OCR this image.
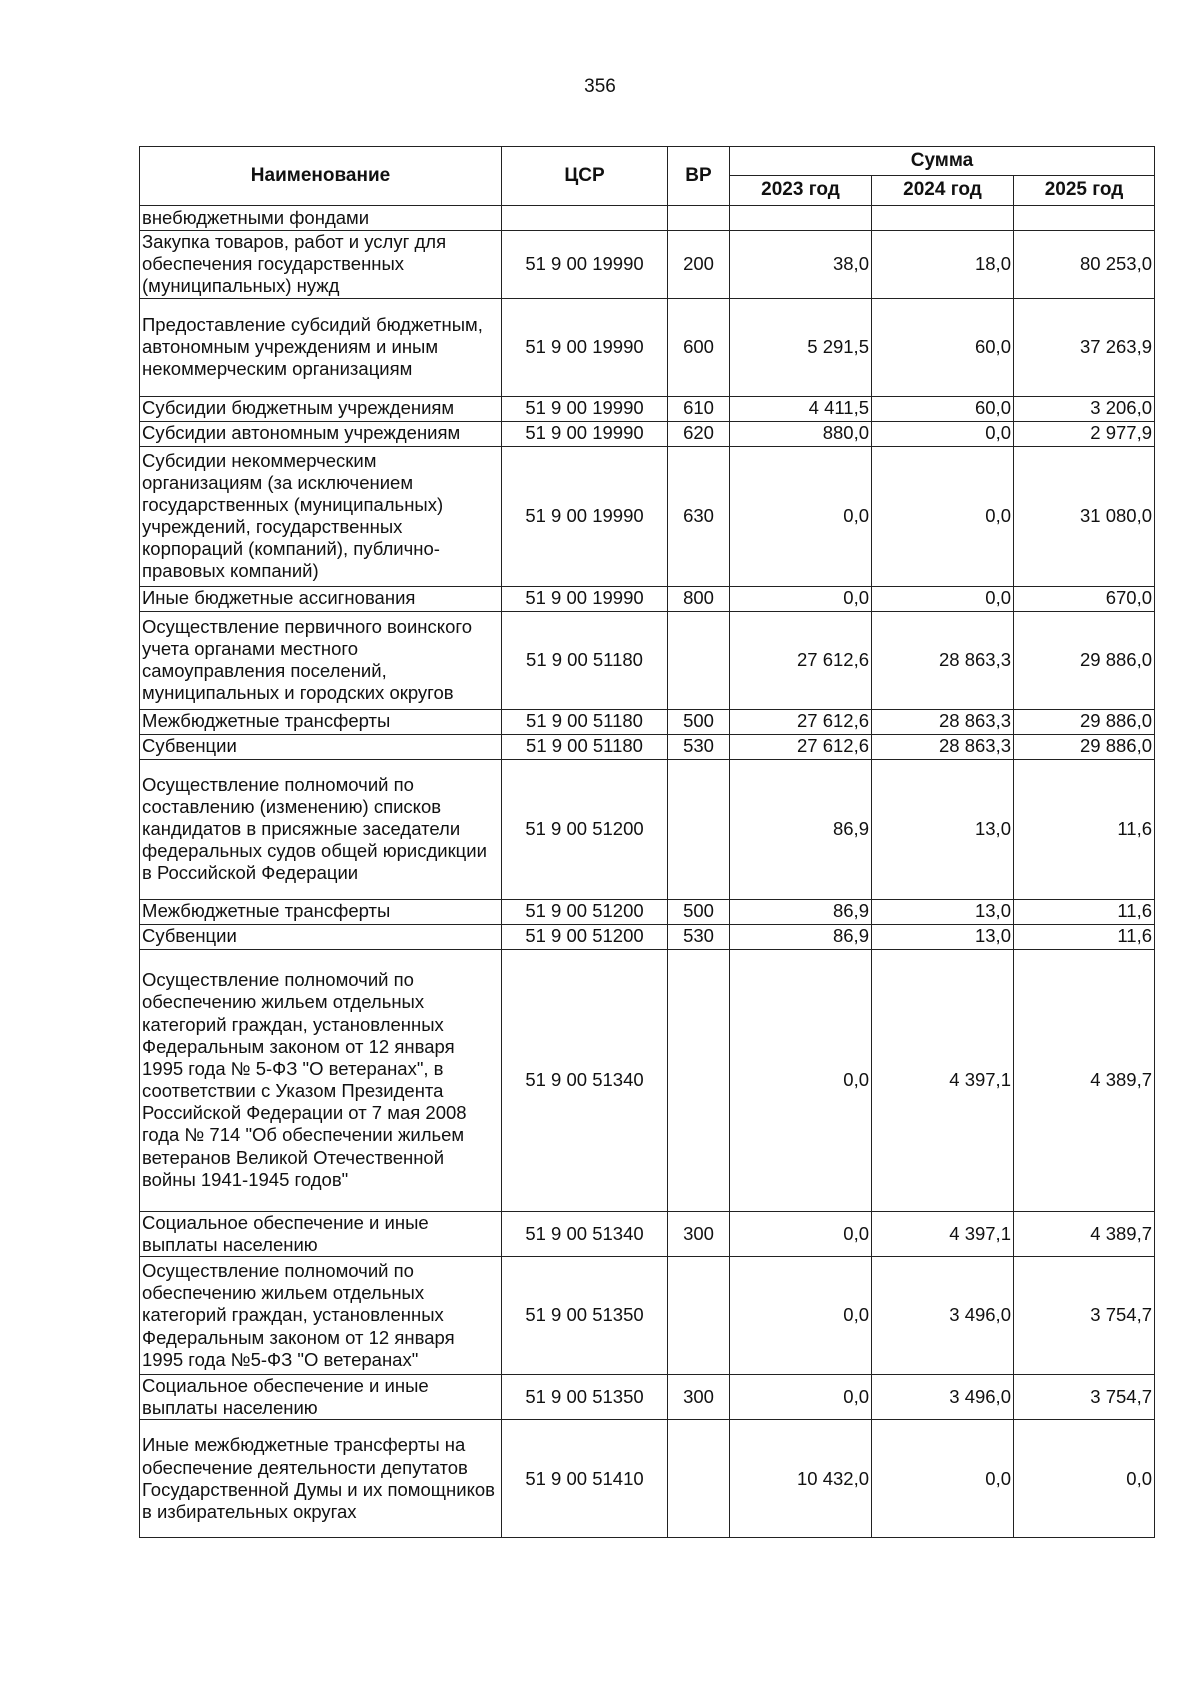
356
Наименование	ЦСР	ВР	Сумма		
			2023 год	2024 год	2025 год
внебюджетными фондами					
Закупка товаров, работ и услуг для обеспечения государственных (муниципальных) нужд	51 9 00 19990	200	38,0	18,0	80 253,0
Предоставление субсидий бюджетным, автономным учреждениям и иным некоммерческим организациям	51 9 00 19990	600	5 291,5	60,0	37 263,9
Субсидии бюджетным учреждениям	51 9 00 19990	610	4 411,5	60,0	3 206,0
Субсидии автономным учреждениям	51 9 00 19990	620	880,0	0,0	2 977,9
Субсидии некоммерческим организациям (за исключением государственных (муниципальных) учреждений, государственных корпораций (компаний), публично-правовых компаний)	51 9 00 19990	630	0,0	0,0	31 080,0
Иные бюджетные ассигнования	51 9 00 19990	800	0,0	0,0	670,0
Осуществление первичного воинского учета органами местного самоуправления поселений, муниципальных и городских округов	51 9 00 51180		27 612,6	28 863,3	29 886,0
Межбюджетные трансферты	51 9 00 51180	500	27 612,6	28 863,3	29 886,0
Субвенции	51 9 00 51180	530	27 612,6	28 863,3	29 886,0
Осуществление полномочий по составлению (изменению) списков кандидатов в присяжные заседатели федеральных судов общей юрисдикции в Российской Федерации	51 9 00 51200		86,9	13,0	11,6
Межбюджетные трансферты	51 9 00 51200	500	86,9	13,0	11,6
Субвенции	51 9 00 51200	530	86,9	13,0	11,6
Осуществление полномочий по обеспечению жильем отдельных категорий граждан, установленных Федеральным законом от 12 января 1995 года № 5-ФЗ "О ветеранах", в соответствии с Указом Президента Российской Федерации от 7 мая 2008 года № 714 "Об обеспечении жильем ветеранов Великой Отечественной войны 1941-1945 годов"	51 9 00 51340		0,0	4 397,1	4 389,7
Социальное обеспечение и иные выплаты населению	51 9 00 51340	300	0,0	4 397,1	4 389,7
Осуществление полномочий по обеспечению жильем отдельных категорий граждан, установленных Федеральным законом от 12 января 1995 года №5-ФЗ "О ветеранах"	51 9 00 51350		0,0	3 496,0	3 754,7
Социальное обеспечение и иные выплаты населению	51 9 00 51350	300	0,0	3 496,0	3 754,7
Иные межбюджетные трансферты на обеспечение деятельности депутатов Государственной Думы и их помощников в избирательных округах	51 9 00 51410		10 432,0	0,0	0,0
